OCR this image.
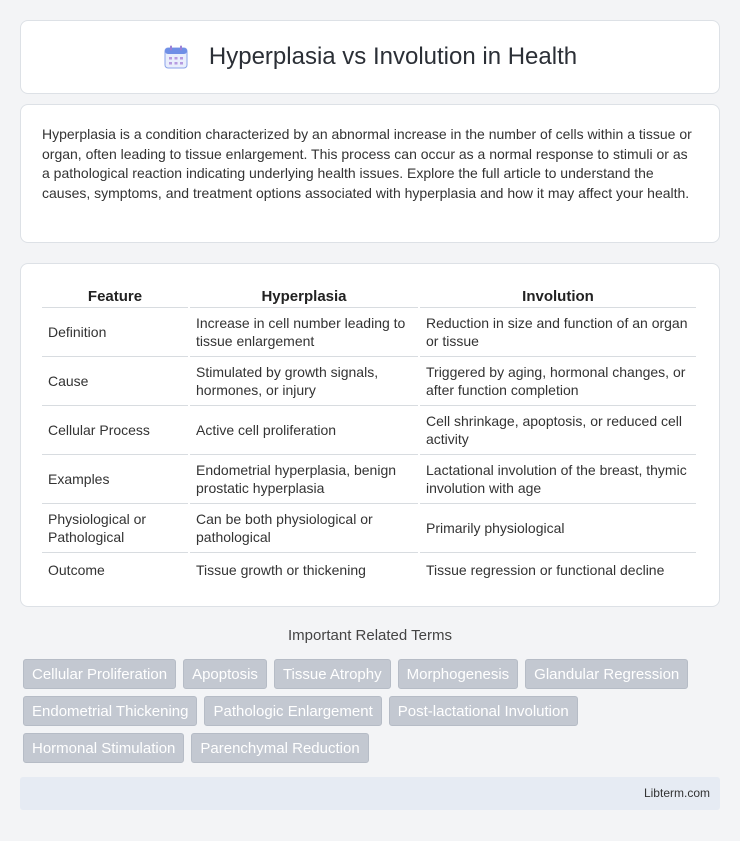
Hyperplasia vs Involution in Health

Hyperplasia is a condition characterized by an abnormal increase in the number of cells within a tissue or organ, often leading to tissue enlargement. This process can occur as a normal response to stimuli or as a pathological reaction indicating underlying health issues. Explore the full article to understand the causes, symptoms, and treatment options associated with hyperplasia and how it may affect your health.

Feature	Hyperplasia	Involution
Definition	Increase in cell number leading to tissue enlargement	Reduction in size and function of an organ or tissue
Cause	Stimulated by growth signals, hormones, or injury	Triggered by aging, hormonal changes, or after function completion
Cellular Process	Active cell proliferation	Cell shrinkage, apoptosis, or reduced cell activity
Examples	Endometrial hyperplasia, benign prostatic hyperplasia	Lactational involution of the breast, thymic involution with age
Physiological or Pathological	Can be both physiological or pathological	Primarily physiological
Outcome	Tissue growth or thickening	Tissue regression or functional decline
Important Related Terms
Cellular Proliferation	Apoptosis	Tissue Atrophy	Morphogenesis	Glandular Regression
Endometrial Thickening	Pathologic Enlargement	Post-lactational Involution
Hormonal Stimulation	Parenchymal Reduction
Libterm.com
